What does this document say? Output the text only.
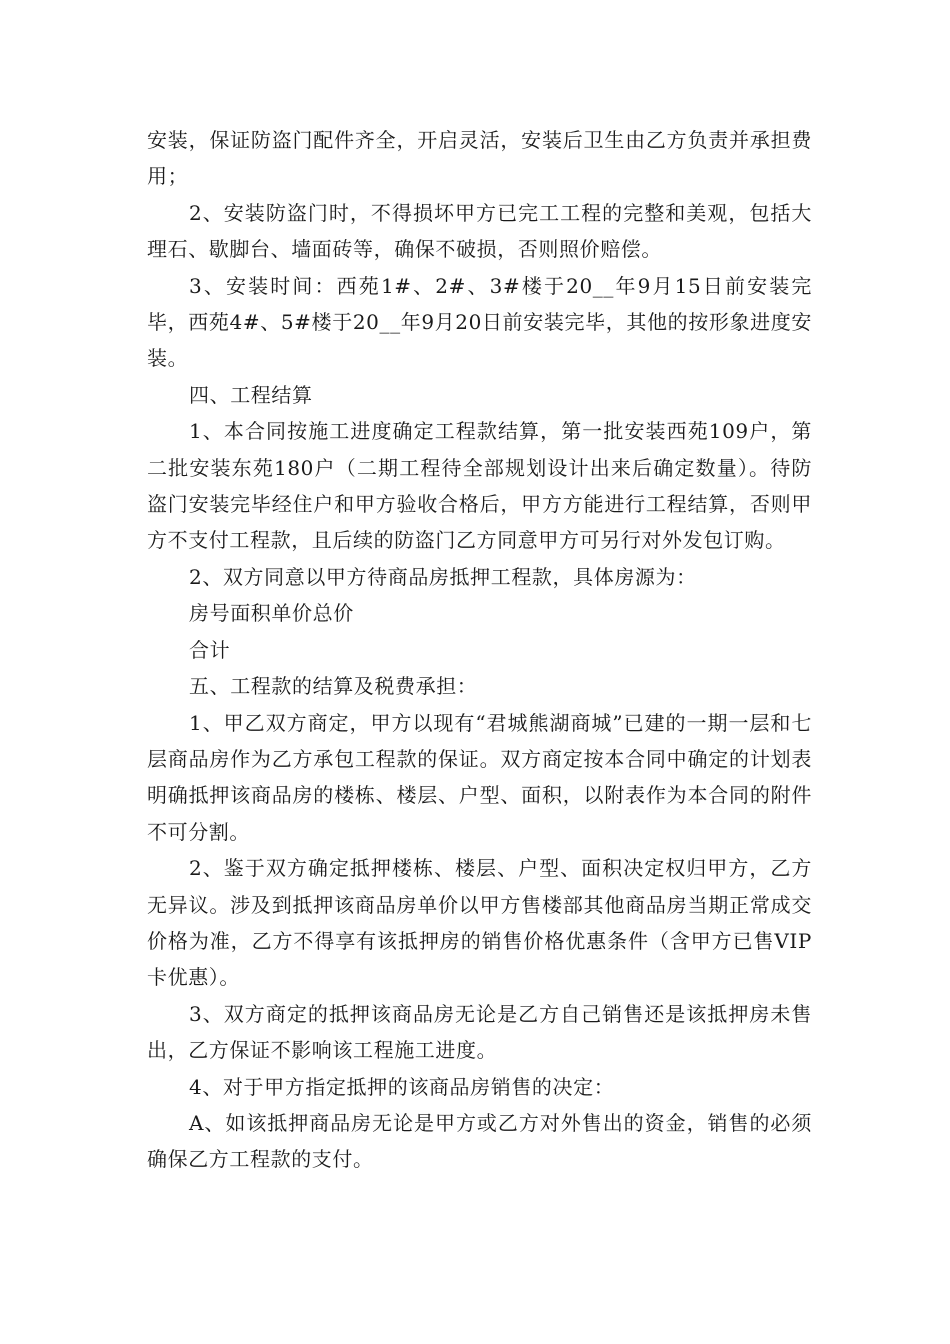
安装，保证防盗门配件齐全，开启灵活，安装后卫生由乙方负责并承担费用；

2、安装防盗门时，不得损坏甲方已完工工程的完整和美观，包括大理石、歇脚台、墙面砖等，确保不破损，否则照价赔偿。

3、安装时间：西苑1#、2#、3#楼于20__年9月15日前安装完毕，西苑4#、5#楼于20__年9月20日前安装完毕，其他的按形象进度安装。

四、工程结算

1、本合同按施工进度确定工程款结算，第一批安装西苑109户，第二批安装东苑180户（二期工程待全部规划设计出来后确定数量）。待防盗门安装完毕经住户和甲方验收合格后，甲方方能进行工程结算，否则甲方不支付工程款，且后续的防盗门乙方同意甲方可另行对外发包订购。

2、双方同意以甲方待商品房抵押工程款，具体房源为：

房号面积单价总价

合计

五、工程款的结算及税费承担：

1、甲乙双方商定，甲方以现有“君城熊湖商城”已建的一期一层和七层商品房作为乙方承包工程款的保证。双方商定按本合同中确定的计划表明确抵押该商品房的楼栋、楼层、户型、面积，以附表作为本合同的附件不可分割。

2、鉴于双方确定抵押楼栋、楼层、户型、面积决定权归甲方，乙方无异议。涉及到抵押该商品房单价以甲方售楼部其他商品房当期正常成交价格为准，乙方不得享有该抵押房的销售价格优惠条件（含甲方已售VIP卡优惠）。

3、双方商定的抵押该商品房无论是乙方自己销售还是该抵押房未售出，乙方保证不影响该工程施工进度。

4、对于甲方指定抵押的该商品房销售的决定：

A、如该抵押商品房无论是甲方或乙方对外售出的资金，销售的必须确保乙方工程款的支付。
